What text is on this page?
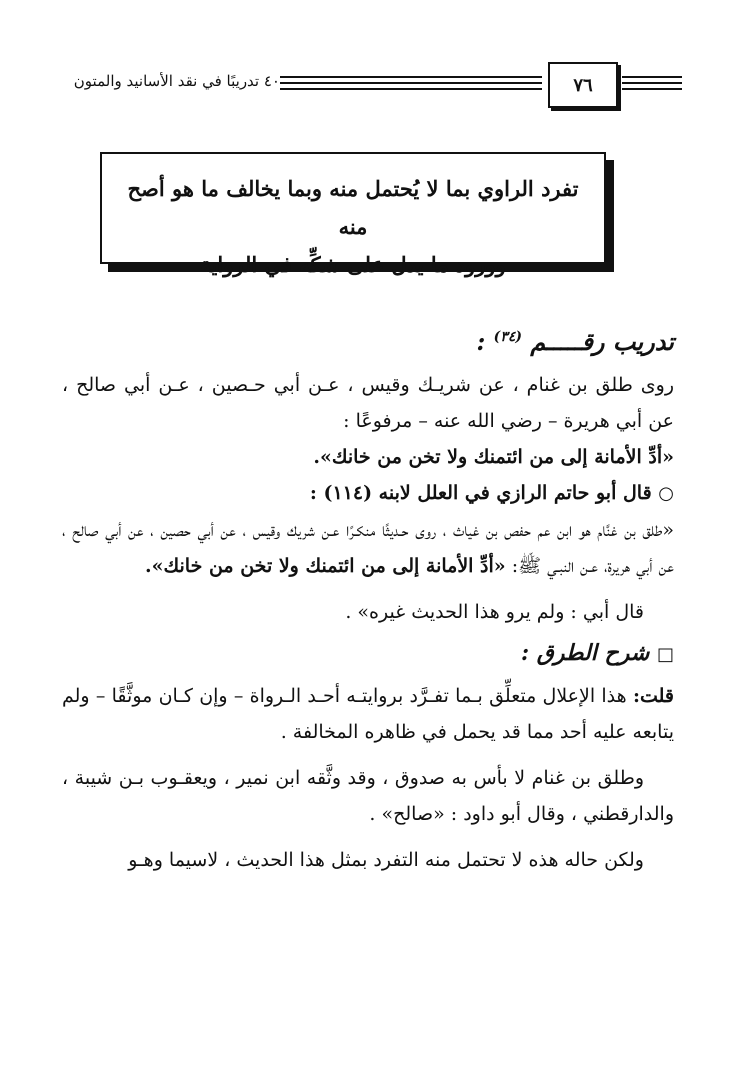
٧٦
٤٠ تدريبًا في نقد الأسانيد والمتون
تفرد الراوي بما لا يُحتمل منه وبما يخالف ما هو أصح منه
وورود ما يدل على شكِّه في الرواية
تدريب رقـــــم $^{(٣٤)}$ :

روى طلق بن غنام ، عن شريـك وقيس ، عـن أبي حـصين ، عـن أبي صالح ، عن أبي هريرة – رضي الله عنه – مرفوعًا :

«أدِّ الأمانة إلى من ائتمنك ولا تخن من خانك».

○ قال أبو حاتم الرازي في العلل لابنه (١١٤) :

«طلق بن غنَّام هو ابن عم حفص بن غياث ، روى حـديثًا منكـرًا عـن شريك وقيس ، عن أبي حصين ، عن أبي صالح ، عن أبي هريرة، عـن النبـي ﷺ: «أدِّ الأمانة إلى من ائتمنك ولا تخن من خانك».

قال أبي : ولم يرو هذا الحديث غيره» .

□ شرح الطرق :

قلت: هذا الإعلال متعلِّق بـما تفـرَّد بروايتـه أحـد الـرواة – وإن كـان موثَّقًا – ولم يتابعه عليه أحد مما قد يحمل في ظاهره المخالفة .

وطلق بن غنام لا بأس به صدوق ، وقد وثَّقه ابن نمير ، ويعقـوب بـن شيبة ، والدارقطني ، وقال أبو داود : «صالح» .

ولكن حاله هذه لا تحتمل منه التفرد بمثل هذا الحديث ، لاسيما وهـو
